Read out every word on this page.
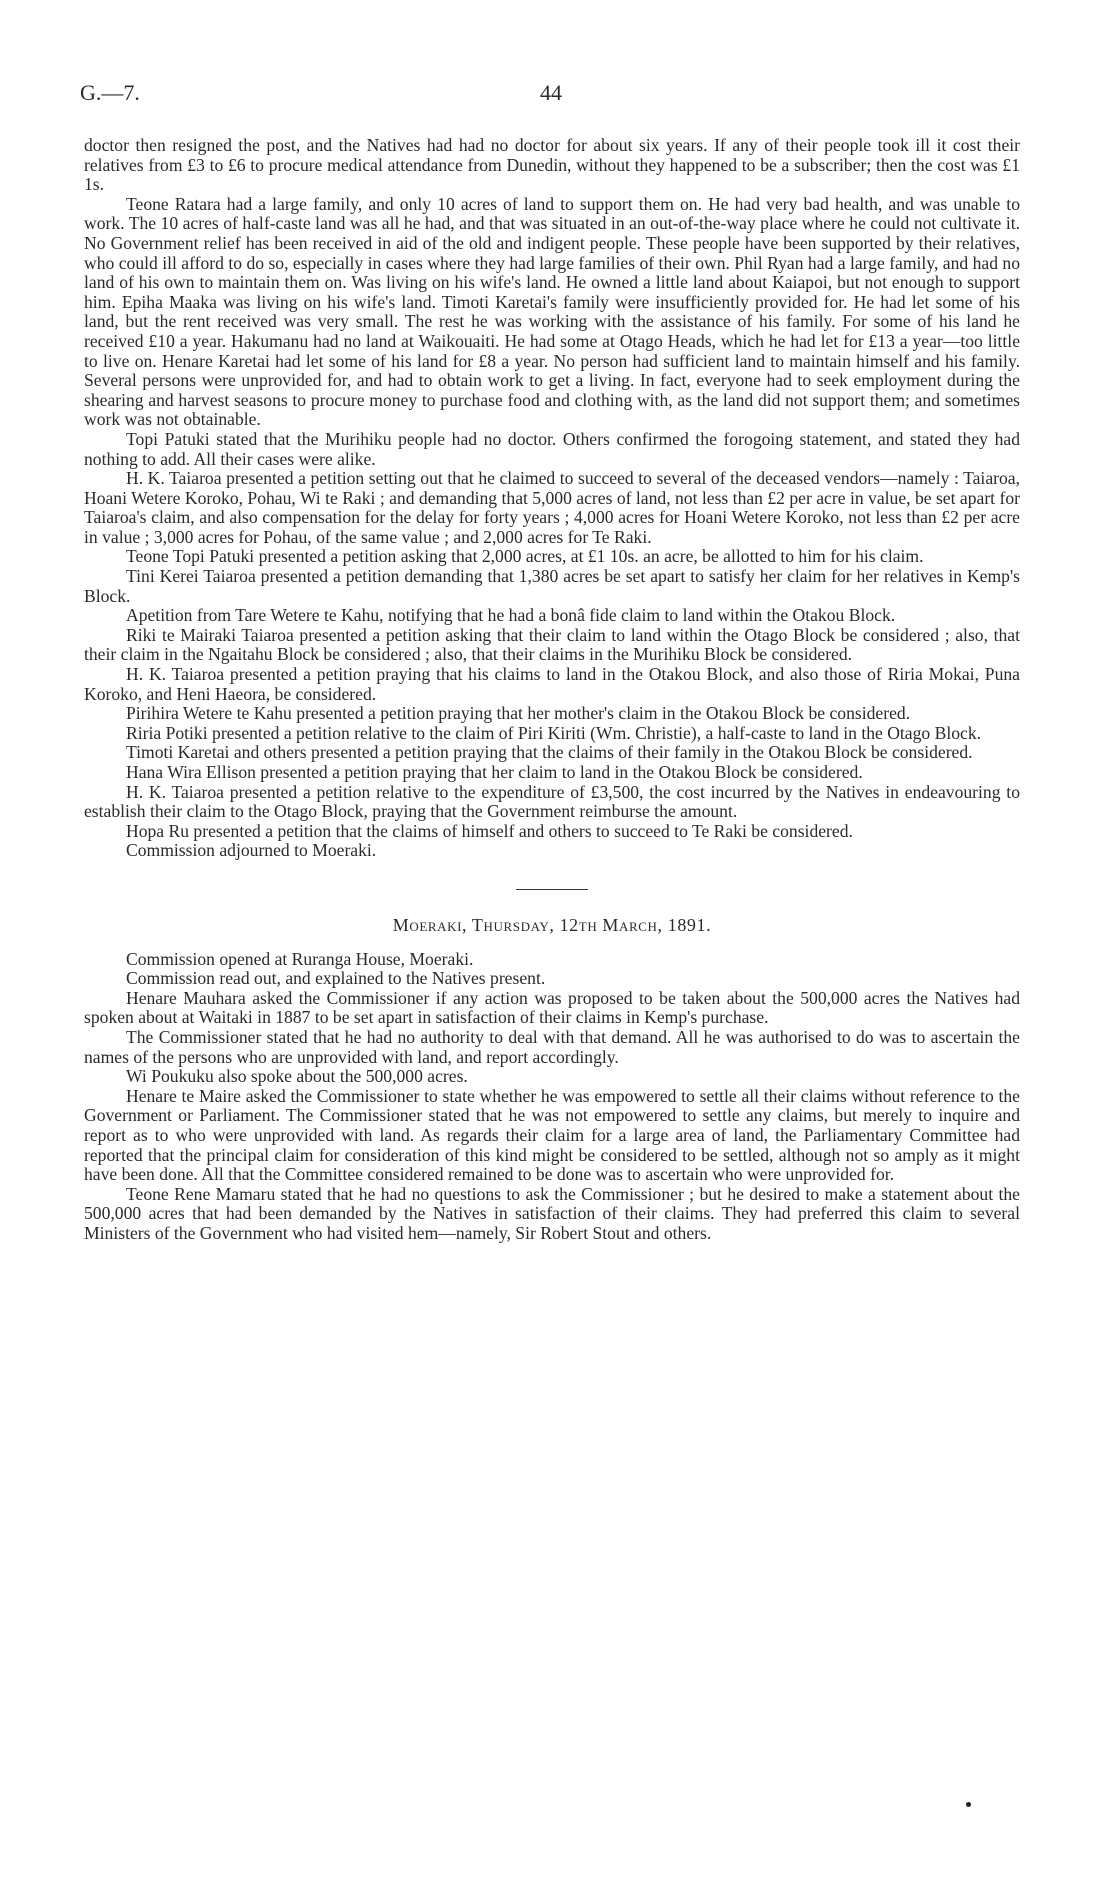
G.—7.	44

doctor then resigned the post, and the Natives had had no doctor for about six years. If any of their people took ill it cost their relatives from £3 to £6 to procure medical attendance from Dunedin, without they happened to be a subscriber; then the cost was £1 1s.

Teone Ratara had a large family, and only 10 acres of land to support them on. He had very bad health, and was unable to work. The 10 acres of half-caste land was all he had, and that was situated in an out-of-the-way place where he could not cultivate it. No Government relief has been received in aid of the old and indigent people. These people have been supported by their relatives, who could ill afford to do so, especially in cases where they had large families of their own. Phil Ryan had a large family, and had no land of his own to maintain them on. Was living on his wife's land. He owned a little land about Kaiapoi, but not enough to support him. Epiha Maaka was living on his wife's land. Timoti Karetai's family were insufficiently provided for. He had let some of his land, but the rent received was very small. The rest he was working with the assistance of his family. For some of his land he received £10 a year. Hakumanu had no land at Waikouaiti. He had some at Otago Heads, which he had let for £13 a year—too little to live on. Henare Karetai had let some of his land for £8 a year. No person had sufficient land to maintain himself and his family. Several persons were unprovided for, and had to obtain work to get a living. In fact, everyone had to seek employment during the shearing and harvest seasons to procure money to purchase food and clothing with, as the land did not support them; and sometimes work was not obtainable.

Topi Patuki stated that the Murihiku people had no doctor. Others confirmed the forogoing statement, and stated they had nothing to add. All their cases were alike.

H. K. Taiaroa presented a petition setting out that he claimed to succeed to several of the deceased vendors—namely : Taiaroa, Hoani Wetere Koroko, Pohau, Wi te Raki ; and demanding that 5,000 acres of land, not less than £2 per acre in value, be set apart for Taiaroa's claim, and also compensation for the delay for forty years ; 4,000 acres for Hoani Wetere Koroko, not less than £2 per acre in value ; 3,000 acres for Pohau, of the same value ; and 2,000 acres for Te Raki.

Teone Topi Patuki presented a petition asking that 2,000 acres, at £1 10s. an acre, be allotted to him for his claim.

Tini Kerei Taiaroa presented a petition demanding that 1,380 acres be set apart to satisfy her claim for her relatives in Kemp's Block.

Apetition from Tare Wetere te Kahu, notifying that he had a bonâ fide claim to land within the Otakou Block.

Riki te Mairaki Taiaroa presented a petition asking that their claim to land within the Otago Block be considered ; also, that their claim in the Ngaitahu Block be considered ; also, that their claims in the Murihiku Block be considered.

H. K. Taiaroa presented a petition praying that his claims to land in the Otakou Block, and also those of Riria Mokai, Puna Koroko, and Heni Haeora, be considered.

Pirihira Wetere te Kahu presented a petition praying that her mother's claim in the Otakou Block be considered.

Riria Potiki presented a petition relative to the claim of Piri Kiriti (Wm. Christie), a half-caste to land in the Otago Block.

Timoti Karetai and others presented a petition praying that the claims of their family in the Otakou Block be considered.

Hana Wira Ellison presented a petition praying that her claim to land in the Otakou Block be considered.

H. K. Taiaroa presented a petition relative to the expenditure of £3,500, the cost incurred by the Natives in endeavouring to establish their claim to the Otago Block, praying that the Government reimburse the amount.

Hopa Ru presented a petition that the claims of himself and others to succeed to Te Raki be considered.

Commission adjourned to Moeraki.

Moeraki, Thursday, 12th March, 1891.

Commission opened at Ruranga House, Moeraki.

Commission read out, and explained to the Natives present.

Henare Mauhara asked the Commissioner if any action was proposed to be taken about the 500,000 acres the Natives had spoken about at Waitaki in 1887 to be set apart in satisfaction of their claims in Kemp's purchase.

The Commissioner stated that he had no authority to deal with that demand. All he was authorised to do was to ascertain the names of the persons who are unprovided with land, and report accordingly.

Wi Poukuku also spoke about the 500,000 acres.

Henare te Maire asked the Commissioner to state whether he was empowered to settle all their claims without reference to the Government or Parliament. The Commissioner stated that he was not empowered to settle any claims, but merely to inquire and report as to who were unprovided with land. As regards their claim for a large area of land, the Parliamentary Committee had reported that the principal claim for consideration of this kind might be considered to be settled, although not so amply as it might have been done. All that the Committee considered remained to be done was to ascertain who were unprovided for.

Teone Rene Mamaru stated that he had no questions to ask the Commissioner ; but he desired to make a statement about the 500,000 acres that had been demanded by the Natives in satisfaction of their claims. They had preferred this claim to several Ministers of the Government who had visited hem—namely, Sir Robert Stout and others.
